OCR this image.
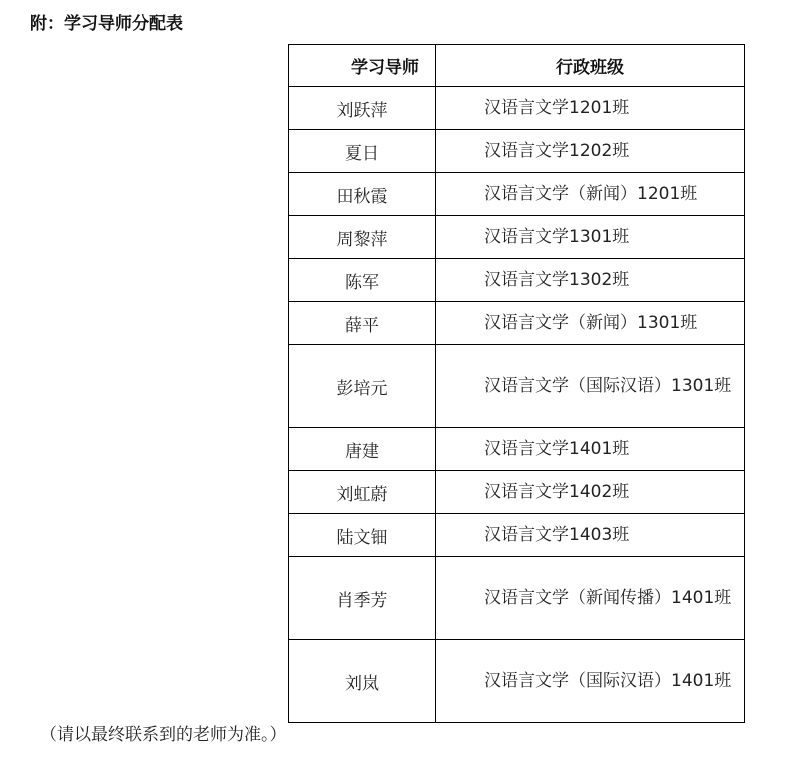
附：学习导师分配表
学习导师	行政班级
刘跃萍	汉语言文学1201班
夏日	汉语言文学1202班
田秋霞	汉语言文学（新闻）1201班
周黎萍	汉语言文学1301班
陈军	汉语言文学1302班
薛平	汉语言文学（新闻）1301班
彭培元	汉语言文学（国际汉语）1301班
唐建	汉语言文学1401班
刘虹蔚	汉语言文学1402班
陆文钿	汉语言文学1403班
肖季芳	汉语言文学（新闻传播）1401班
刘岚	汉语言文学（国际汉语）1401班
（请以最终联系到的老师为准。）
